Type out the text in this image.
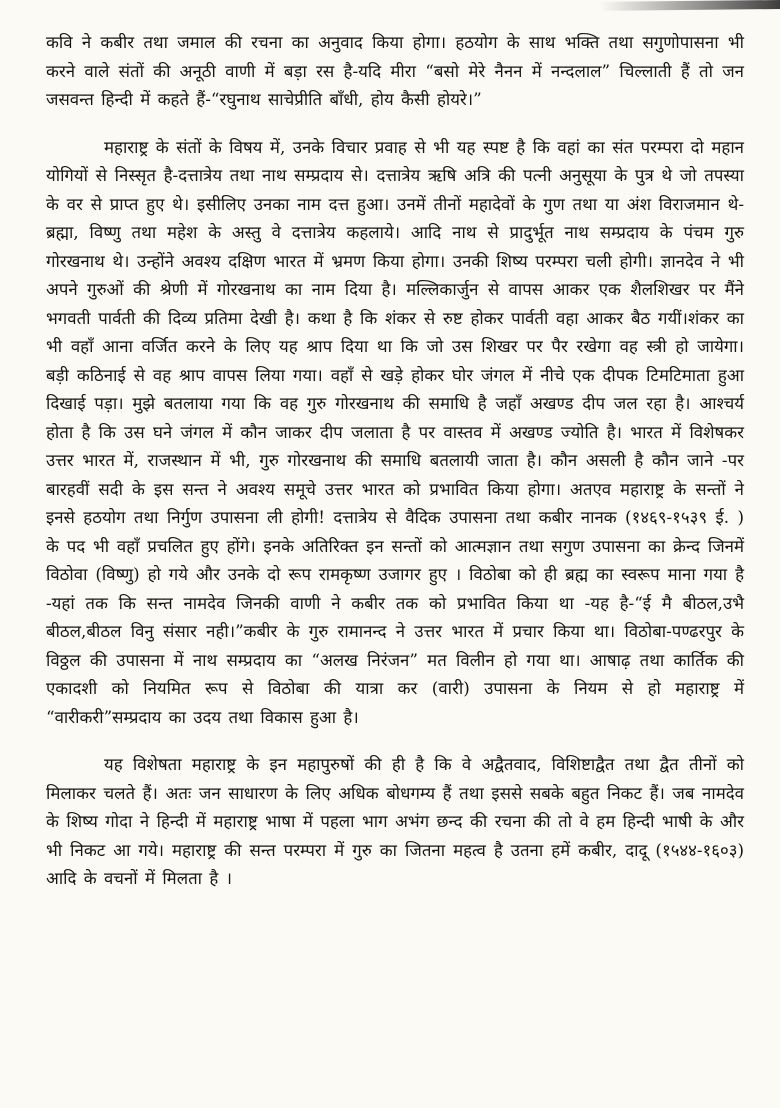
कवि ने कबीर तथा जमाल की रचना का अनुवाद किया होगा। हठयोग के साथ भक्ति तथा सगुणोपासना भी करने वाले संतों की अनूठी वाणी में बड़ा रस है-यदि मीरा “बसो मेरे नैनन में नन्दलाल” चिल्लाती हैं तो जन जसवन्त हिन्दी में कहते हैं-“रघुनाथ साचेप्रीति बाँधी, होय कैसी होयरे।”

महाराष्ट्र के संतों के विषय में, उनके विचार प्रवाह से भी यह स्पष्ट है कि वहां का संत परम्परा दो महान योगियों से निस्सृत है-दत्तात्रेय तथा नाथ सम्प्रदाय से। दत्तात्रेय ऋषि अत्रि की पत्नी अनुसूया के पुत्र थे जो तपस्या के वर से प्राप्त हुए थे। इसीलिए उनका नाम दत्त हुआ। उनमें तीनों महादेवों के गुण तथा या अंश विराजमान थे-ब्रह्मा, विष्णु तथा महेश के अस्तु वे दत्तात्रेय कहलाये। आदि नाथ से प्रादुर्भूत नाथ सम्प्रदाय के पंचम गुरु गोरखनाथ थे। उन्होंने अवश्य दक्षिण भारत में भ्रमण किया होगा। उनकी शिष्य परम्परा चली होगी। ज्ञानदेव ने भी अपने गुरुओं की श्रेणी में गोरखनाथ का नाम दिया है। मल्लिकार्जुन से वापस आकर एक शैलशिखर पर मैंने भगवती पार्वती की दिव्य प्रतिमा देखी है। कथा है कि शंकर से रुष्ट होकर पार्वती वहा आकर बैठ गयीं।शंकर का भी वहाँ आना वर्जित करने के लिए यह श्राप दिया था कि जो उस शिखर पर पैर रखेगा वह स्त्री हो जायेगा। बड़ी कठिनाई से वह श्राप वापस लिया गया। वहाँ से खड़े होकर घोर जंगल में नीचे एक दीपक टिमटिमाता हुआ दिखाई पड़ा। मुझे बतलाया गया कि वह गुरु गोरखनाथ की समाधि है जहाँ अखण्ड दीप जल रहा है। आश्चर्य होता है कि उस घने जंगल में कौन जाकर दीप जलाता है पर वास्तव में अखण्ड ज्योति है। भारत में विशेषकर उत्तर भारत में, राजस्थान में भी, गुरु गोरखनाथ की समाधि बतलायी जाता है। कौन असली है कौन जाने -पर बारहवीं सदी के इस सन्त ने अवश्य समूचे उत्तर भारत को प्रभावित किया होगा। अतएव महाराष्ट्र के सन्तों ने इनसे हठयोग तथा निर्गुण उपासना ली होगी! दत्तात्रेय से वैदिक उपासना तथा कबीर नानक (१४६९-१५३९ ई. ) के पद भी वहाँ प्रचलित हुए होंगे। इनके अतिरिक्त इन सन्तों को आत्मज्ञान तथा सगुण उपासना का क्रेन्द जिनमें विठोवा (विष्णु) हो गये और उनके दो रूप रामकृष्ण उजागर हुए । विठोबा को ही ब्रह्म का स्वरूप माना गया है -यहां तक कि सन्त नामदेव जिनकी वाणी ने कबीर तक को प्रभावित किया था -यह है-“ई मै बीठल,उभै बीठल,बीठल विनु संसार नही।”कबीर के गुरु रामानन्द ने उत्तर भारत में प्रचार किया था। विठोबा-पण्ढरपुर के विठ्ठल की उपासना में नाथ सम्प्रदाय का “अलख निरंजन” मत विलीन हो गया था। आषाढ़ तथा कार्तिक की एकादशी को नियमित रूप से विठोबा की यात्रा कर (वारी) उपासना के नियम से हो महाराष्ट्र में “वारीकरी”सम्प्रदाय का उदय तथा विकास हुआ है।

यह विशेषता महाराष्ट्र के इन महापुरुषों की ही है कि वे अद्वैतवाद, विशिष्टाद्वैत तथा द्वैत तीनों को मिलाकर चलते हैं। अतः जन साधारण के लिए अधिक बोधगम्य हैं तथा इससे सबके बहुत निकट हैं। जब नामदेव के शिष्य गोदा ने हिन्दी में महाराष्ट्र भाषा में पहला भाग अभंग छन्द की रचना की तो वे हम हिन्दी भाषी के और भी निकट आ गये। महाराष्ट्र की सन्त परम्परा में गुरु का जितना महत्व है उतना हमें कबीर, दादू (१५४४-१६०३) आदि के वचनों में मिलता है ।
